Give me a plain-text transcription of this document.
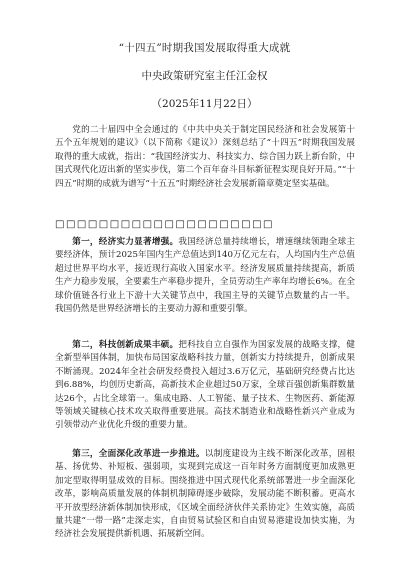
“十四五”时期我国发展取得重大成就
中央政策研究室主任江金权
（2025年11月22日）
党的二十届四中全会通过的《中共中央关于制定国民经济和社会发展第十五个五年规划的建议》（以下简称《建议》）深刻总结了“十四五”时期我国发展取得的重大成就，指出：“我国经济实力、科技实力、综合国力跃上新台阶，中国式现代化迈出新的坚实步伐，第二个百年奋斗目标新征程实现良好开局。”“十四五”时期的成就为谱写“十五五”时期经济社会发展新篇章奠定坚实基础。
□□□□□□□□□□□□□□□□□□□□
第一，经济实力显著增强。我国经济总量持续增长，增速继续领跑全球主要经济体，预计2025年国内生产总值达到140万亿元左右，人均国内生产总值超过世界平均水平，接近现行高收入国家水平。经济发展质量持续提高，新质生产力稳步发展，全要素生产率稳步提升，全员劳动生产率年均增长6%。在全球价值链各行业上下游十大关键节点中，我国主导的关键节点数量约占一半。我国仍然是世界经济增长的主要动力源和重要引擎。
第二，科技创新成果丰硕。把科技自立自强作为国家发展的战略支撑，健全新型举国体制，加快布局国家战略科技力量，创新实力持续提升，创新成果不断涌现。2024年全社会研发经费投入超过3.6万亿元，基础研究经费占比达到6.88%，均创历史新高，高新技术企业超过50万家，全球百强创新集群数量达26个，占比全球第一。集成电路、人工智能、量子技术、生物医药、新能源等领域关键核心技术攻关取得重要进展。高技术制造业和战略性新兴产业成为引领带动产业优化升级的重要力量。
第三，全面深化改革进一步推进。以制度建设为主线不断深化改革，固根基、扬优势、补短板、强弱项，实现到完成这一百年时务方面制度更加成熟更加定型取得明显成效的目标。围绕推进中国式现代化系统部署进一步全面深化改革，影响高质量发展的体制机制障碍逐步破除，发展动能不断积蓄。更高水平开放型经济新体制加快形成，《区域全面经济伙伴关系协定》生效实施，高质量共建“一带一路”走深走实，自由贸易试验区和自由贸易港建设加快实施，为经济社会发展提供新机遇、拓展新空间。
